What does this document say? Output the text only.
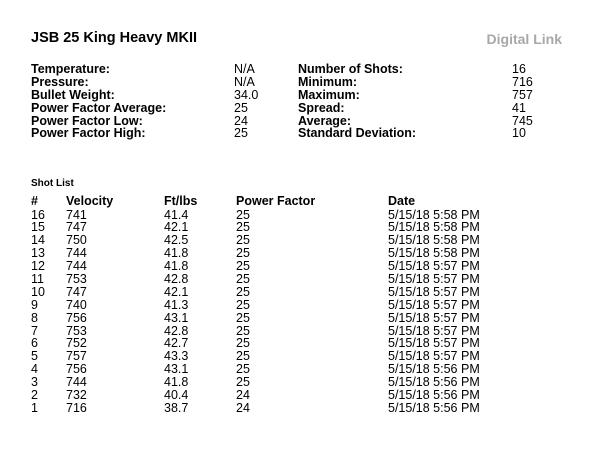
JSB 25 King Heavy MKII	Digital Link
Temperature:	N/A
Pressure:	N/A
Bullet Weight:	34.0
Power Factor Average:	25
Power Factor Low:	24
Power Factor High:	25
Number of Shots:	16
Minimum:	716
Maximum:	757
Spread:	41
Average:	745
Standard Deviation:	10
Shot List
# Velocity	Ft/lbs	Power Factor	Date
16 741	41.4	25	5/15/18 5:58 PM
15 747	42.1	25	5/15/18 5:58 PM
14 750	42.5	25	5/15/18 5:58 PM
13 744	41.8	25	5/15/18 5:58 PM
12 744	41.8	25	5/15/18 5:57 PM
11 753	42.8	25	5/15/18 5:57 PM
10 747	42.1	25	5/15/18 5:57 PM
9 740	41.3	25	5/15/18 5:57 PM
8 756	43.1	25	5/15/18 5:57 PM
7 753	42.8	25	5/15/18 5:57 PM
6 752	42.7	25	5/15/18 5:57 PM
5 757	43.3	25	5/15/18 5:57 PM
4 756	43.1	25	5/15/18 5:56 PM
3 744	41.8	25	5/15/18 5:56 PM
2 732	40.4	24	5/15/18 5:56 PM
1 716	38.7	24	5/15/18 5:56 PM
